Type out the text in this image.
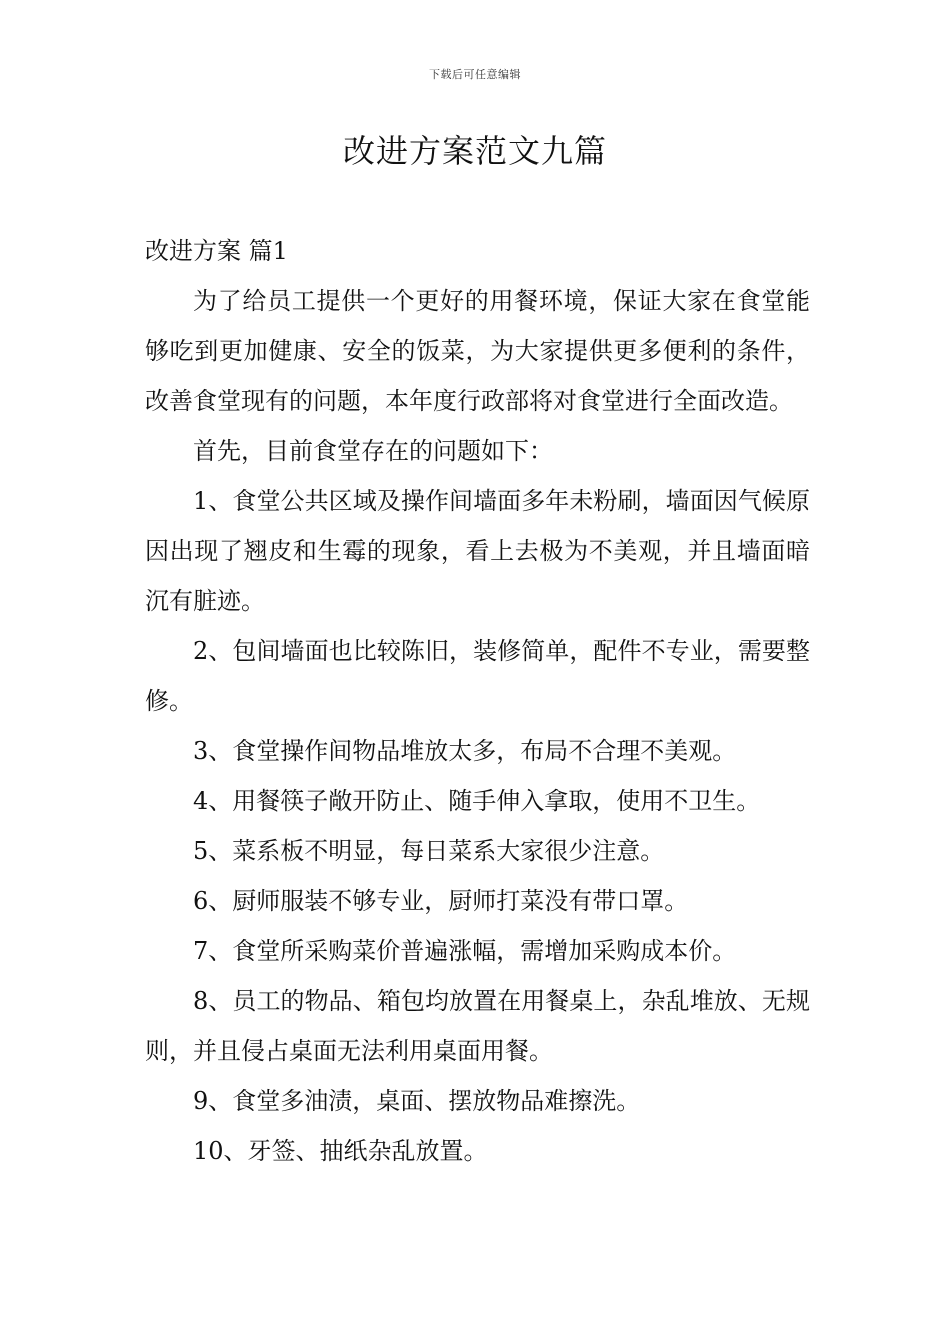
下载后可任意编辑
改进方案范文九篇

改进方案 篇1

为了给员工提供一个更好的用餐环境，保证大家在食堂能够吃到更加健康、安全的饭菜，为大家提供更多便利的条件，改善食堂现有的问题，本年度行政部将对食堂进行全面改造。

首先，目前食堂存在的问题如下：

1、食堂公共区域及操作间墙面多年未粉刷，墙面因气候原因出现了翘皮和生霉的现象，看上去极为不美观，并且墙面暗沉有脏迹。

2、包间墙面也比较陈旧，装修简单，配件不专业，需要整修。

3、食堂操作间物品堆放太多，布局不合理不美观。

4、用餐筷子敞开防止、随手伸入拿取，使用不卫生。

5、菜系板不明显，每日菜系大家很少注意。

6、厨师服装不够专业，厨师打菜没有带口罩。

7、食堂所采购菜价普遍涨幅，需增加采购成本价。

8、员工的物品、箱包均放置在用餐桌上，杂乱堆放、无规则，并且侵占桌面无法利用桌面用餐。

9、食堂多油渍，桌面、摆放物品难擦洗。

10、牙签、抽纸杂乱放置。
